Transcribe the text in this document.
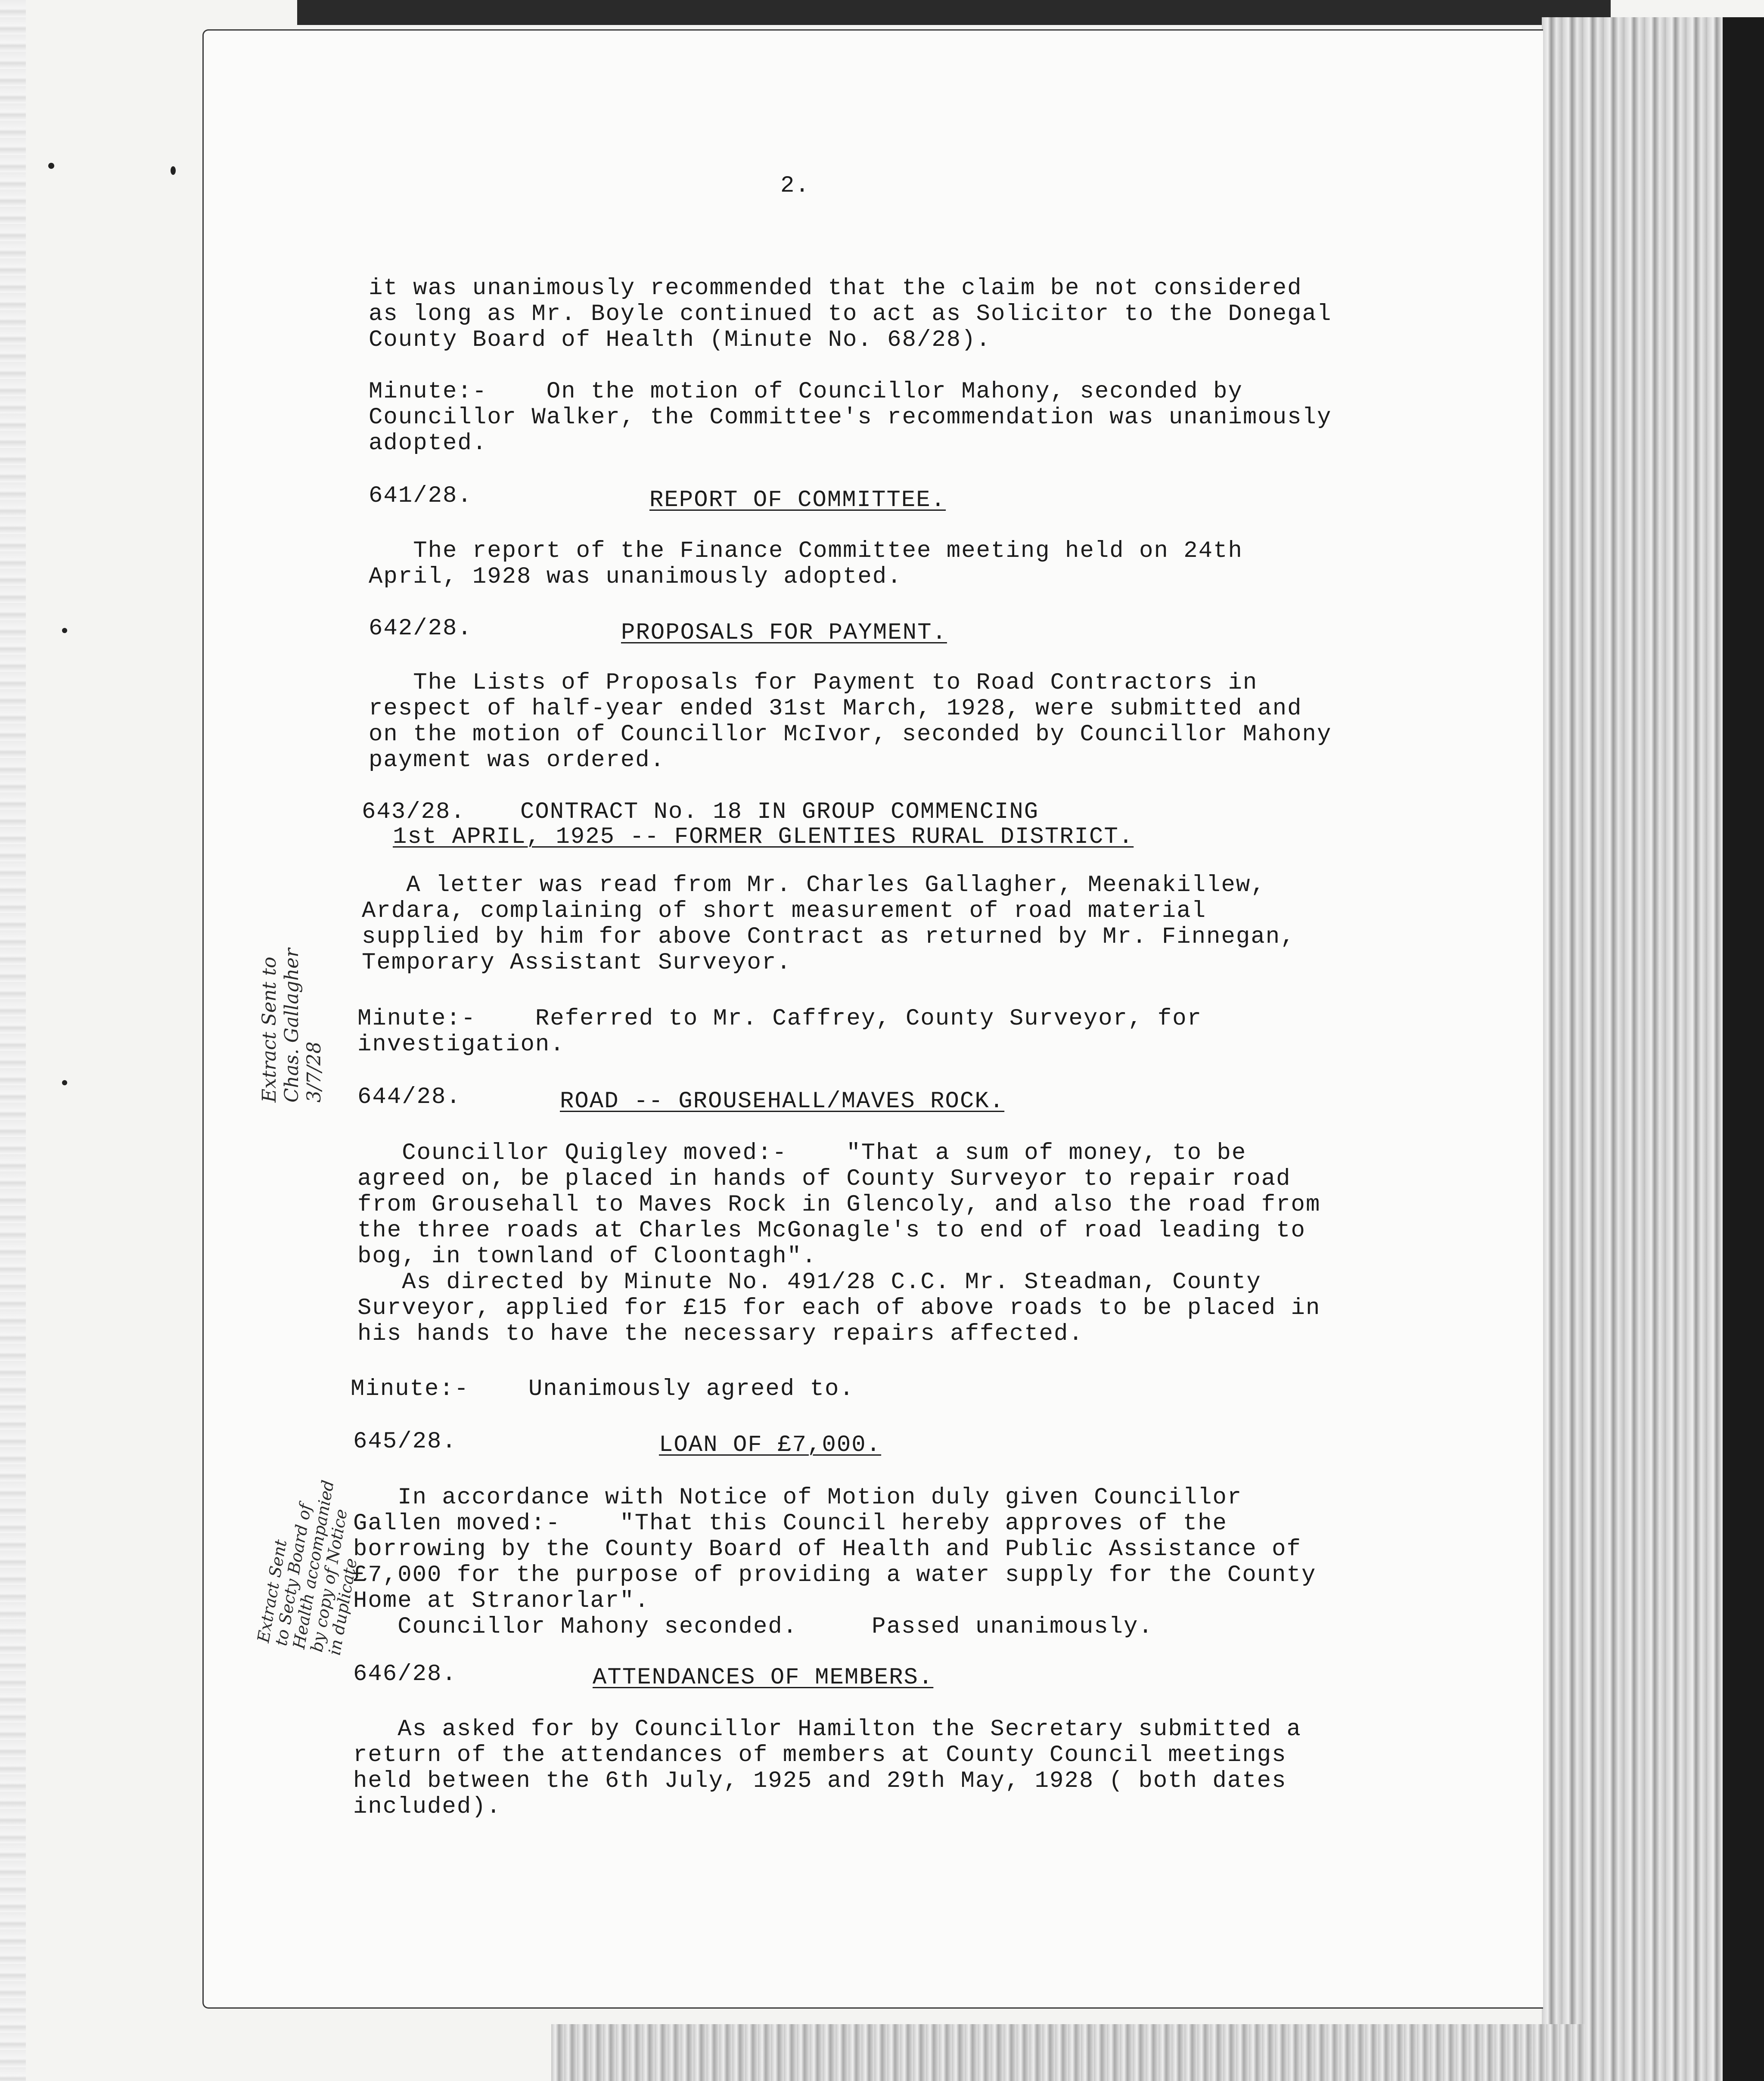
2.
it was unanimously recommended that the claim be not considered
as long as Mr. Boyle continued to act as Solicitor to the Donegal
County Board of Health (Minute No. 68/28).
Minute:-    On the motion of Councillor Mahony, seconded by
Councillor Walker, the Committee's recommendation was unanimously
adopted.
641/28.	REPORT OF COMMITTEE.
The report of the Finance Committee meeting held on 24th
April, 1928 was unanimously adopted.
642/28.	PROPOSALS FOR PAYMENT.
The Lists of Proposals for Payment to Road Contractors in
respect of half-year ended 31st March, 1928, were submitted and
on the motion of Councillor McIvor, seconded by Councillor Mahony
payment was ordered.
643/28. CONTRACT No. 18 IN GROUP COMMENCING
1st APRIL, 1925 -- FORMER GLENTIES RURAL DISTRICT.
A letter was read from Mr. Charles Gallagher, Meenakillew,
Ardara, complaining of short measurement of road material
supplied by him for above Contract as returned by Mr. Finnegan,
Temporary Assistant Surveyor.
Minute:-    Referred to Mr. Caffrey, County Surveyor, for
investigation.
Extract Sent to
Chas. Gallagher
3/7/28 644/28.	ROAD -- GROUSEHALL/MAVES ROCK.
Councillor Quigley moved:-    "That a sum of money, to be
agreed on, be placed in hands of County Surveyor to repair road
from Grousehall to Maves Rock in Glencoly, and also the road from
the three roads at Charles McGonagle's to end of road leading to
bog, in townland of Cloontagh".
As directed by Minute No. 491/28 C.C. Mr. Steadman, County
Surveyor, applied for £15 for each of above roads to be placed in
his hands to have the necessary repairs affected.
Minute:-    Unanimously agreed to.
645/28.	LOAN OF £7,000.
In accordance with Notice of Motion duly given Councillor
Gallen moved:-    "That this Council hereby approves of the
borrowing by the County Board of Health and Public Assistance of
£7,000 for the purpose of providing a water supply for the County
Home at Stranorlar".
Councillor Mahony seconded.     Passed unanimously.
Extract Sent
to Secty Board of
Health accompanied
by copy of Notice
in duplicate
646/28.	ATTENDANCES OF MEMBERS.
As asked for by Councillor Hamilton the Secretary submitted a
return of the attendances of members at County Council meetings
held between the 6th July, 1925 and 29th May, 1928 ( both dates
included).
